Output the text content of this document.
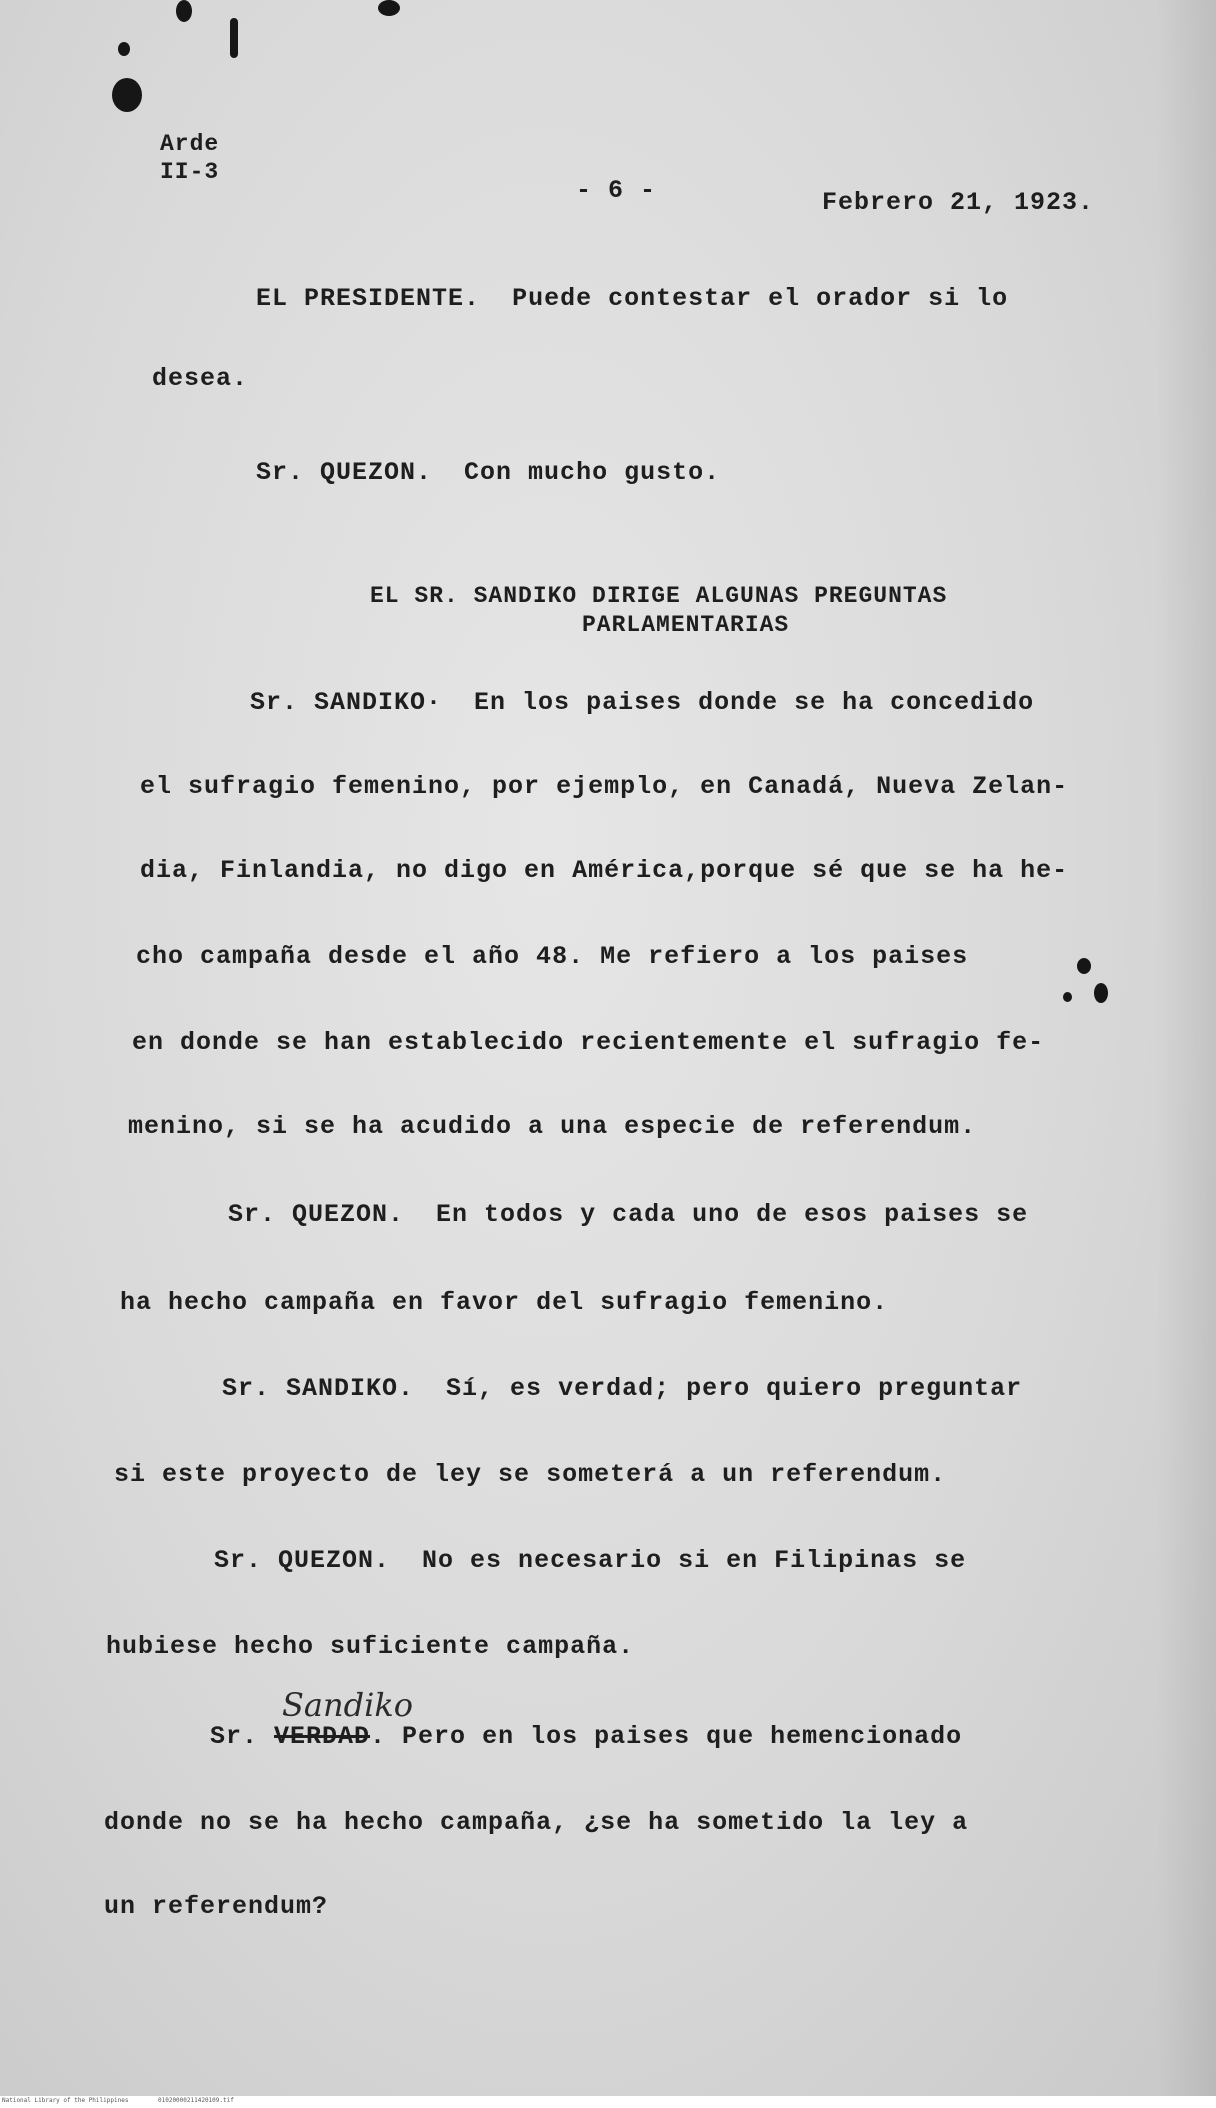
Arde
II-3
- 6 -	Febrero 21, 1923.
EL PRESIDENTE. Puede contestar el orador si lo
desea.
Sr. QUEZON. Con mucho gusto.
EL SR. SANDIKO DIRIGE ALGUNAS PREGUNTAS
PARLAMENTARIAS
Sr. SANDIKO· En los paises donde se ha concedido
el sufragio femenino, por ejemplo, en Canadá, Nueva Zelan-
dia, Finlandia, no digo en América,porque sé que se ha he-
cho campaña desde el año 48. Me refiero a los paises
en donde se han establecido recientemente el sufragio fe-
menino, si se ha acudido a una especie de referendum.
Sr. QUEZON. En todos y cada uno de esos paises se
ha hecho campaña en favor del sufragio femenino.
Sr. SANDIKO. Sí, es verdad; pero quiero preguntar
si este proyecto de ley se someterá a un referendum.
Sr. QUEZON. No es necesario si en Filipinas se
hubiese hecho suficiente campaña.
Sandiko
Sr. VERDAD. Pero en los paises que hemencionado
donde no se ha hecho campaña, ¿se ha sometido la ley a
un referendum?
National Library of the Philippines	01020000211420109.tif
